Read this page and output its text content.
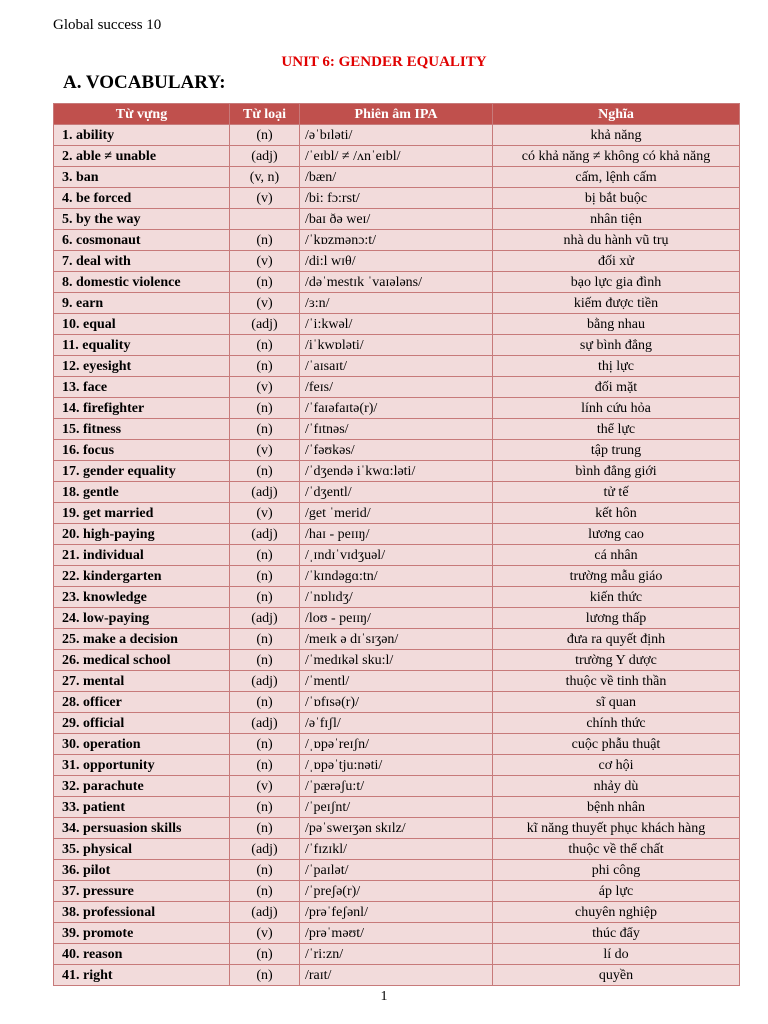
Global success 10
UNIT 6: GENDER EQUALITY
A. VOCABULARY:
Từ vựng	Từ loại	Phiên âm IPA	Nghĩa
1. ability	(n)	/əˈbɪləti/	khả năng
2. able ≠ unable	(adj)	/ˈeɪbl/ ≠ /ʌnˈeɪbl/	có khả năng ≠ không có khả năng
3. ban	(v, n)	/bæn/	cấm, lệnh cấm
4. be forced	(v)	/bi: fɔ:rst/	bị bắt buộc
5. by the way		/baɪ ðə weɪ/	nhân tiện
6. cosmonaut	(n)	/ˈkɒzmənɔ:t/	nhà du hành vũ trụ
7. deal with	(v)	/di:l wɪθ/	đối xử
8. domestic violence	(n)	/dəˈmestɪk ˈvaɪələns/	bạo lực gia đình
9. earn	(v)	/ɜ:n/	kiếm được tiền
10. equal	(adj)	/ˈi:kwəl/	bằng nhau
11. equality	(n)	/iˈkwɒləti/	sự bình đẳng
12. eyesight	(n)	/ˈaɪsaɪt/	thị lực
13. face	(v)	/feɪs/	đối mặt
14. firefighter	(n)	/ˈfaɪəfaɪtə(r)/	lính cứu hỏa
15. fitness	(n)	/ˈfɪtnəs/	thể lực
16. focus	(v)	/ˈfəʊkəs/	tập trung
17. gender equality	(n)	/ˈdʒendə iˈkwɑ:ləti/	bình đẳng giới
18. gentle	(adj)	/ˈdʒentl/	tử tế
19. get married	(v)	/get ˈmerid/	kết hôn
20. high-paying	(adj)	/haɪ - peɪɪŋ/	lương cao
21. individual	(n)	/ˌɪndɪˈvɪdʒuəl/	cá nhân
22. kindergarten	(n)	/ˈkɪndəgɑ:tn/	trường mẫu giáo
23. knowledge	(n)	/ˈnɒlɪdʒ/	kiến thức
24. low-paying	(adj)	/loʊ - peɪɪŋ/	lương thấp
25. make a decision	(n)	/meɪk ə dɪˈsɪʒən/	đưa ra quyết định
26. medical school	(n)	/ˈmedɪkəl sku:l/	trường Y dược
27. mental	(adj)	/ˈmentl/	thuộc về tinh thần
28. officer	(n)	/ˈɒfɪsə(r)/	sĩ quan
29. official	(adj)	/əˈfɪʃl/	chính thức
30. operation	(n)	/ˌɒpəˈreɪʃn/	cuộc phẫu thuật
31. opportunity	(n)	/ˌɒpəˈtju:nəti/	cơ hội
32. parachute	(v)	/ˈpærəʃu:t/	nhảy dù
33. patient	(n)	/ˈpeɪʃnt/	bệnh nhân
34. persuasion skills	(n)	/pəˈsweɪʒən skɪlz/	kĩ năng thuyết phục khách hàng
35. physical	(adj)	/ˈfɪzɪkl/	thuộc về thể chất
36. pilot	(n)	/ˈpaɪlət/	phi công
37. pressure	(n)	/ˈpreʃə(r)/	áp lực
38. professional	(adj)	/prəˈfeʃənl/	chuyên nghiệp
39. promote	(v)	/prəˈməʊt/	thúc đẩy
40. reason	(n)	/ˈri:zn/	lí do
41. right	(n)	/raɪt/	quyền
1
